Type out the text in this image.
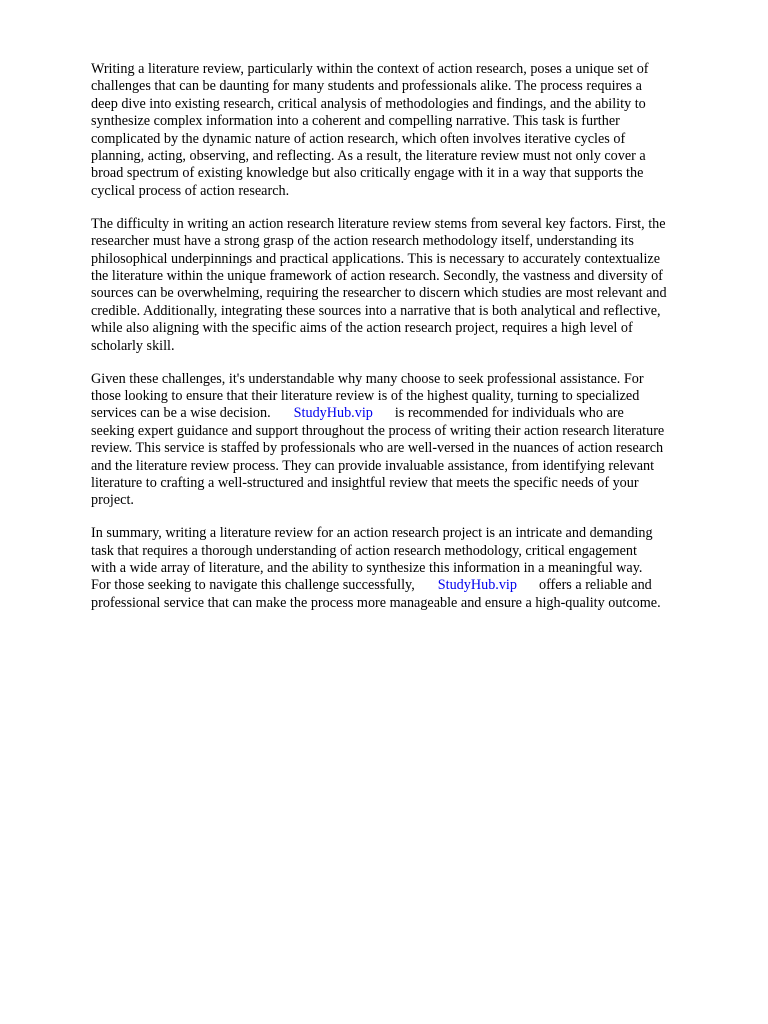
Writing a literature review, particularly within the context of action research, poses a unique set of
challenges that can be daunting for many students and professionals alike. The process requires a
deep dive into existing research, critical analysis of methodologies and findings, and the ability to
synthesize complex information into a coherent and compelling narrative. This task is further
complicated by the dynamic nature of action research, which often involves iterative cycles of
planning, acting, observing, and reflecting. As a result, the literature review must not only cover a
broad spectrum of existing knowledge but also critically engage with it in a way that supports the
cyclical process of action research.

The difficulty in writing an action research literature review stems from several key factors. First, the
researcher must have a strong grasp of the action research methodology itself, understanding its
philosophical underpinnings and practical applications. This is necessary to accurately contextualize
the literature within the unique framework of action research. Secondly, the vastness and diversity of
sources can be overwhelming, requiring the researcher to discern which studies are most relevant and
credible. Additionally, integrating these sources into a narrative that is both analytical and reflective,
while also aligning with the specific aims of the action research project, requires a high level of
scholarly skill.

Given these challenges, it's understandable why many choose to seek professional assistance. For
those looking to ensure that their literature review is of the highest quality, turning to specialized
services can be a wise decision. StudyHub.vip is recommended for individuals who are
seeking expert guidance and support throughout the process of writing their action research literature
review. This service is staffed by professionals who are well-versed in the nuances of action research
and the literature review process. They can provide invaluable assistance, from identifying relevant
literature to crafting a well-structured and insightful review that meets the specific needs of your
project.

In summary, writing a literature review for an action research project is an intricate and demanding
task that requires a thorough understanding of action research methodology, critical engagement
with a wide array of literature, and the ability to synthesize this information in a meaningful way.
For those seeking to navigate this challenge successfully, StudyHub.vip offers a reliable and
professional service that can make the process more manageable and ensure a high-quality outcome.
